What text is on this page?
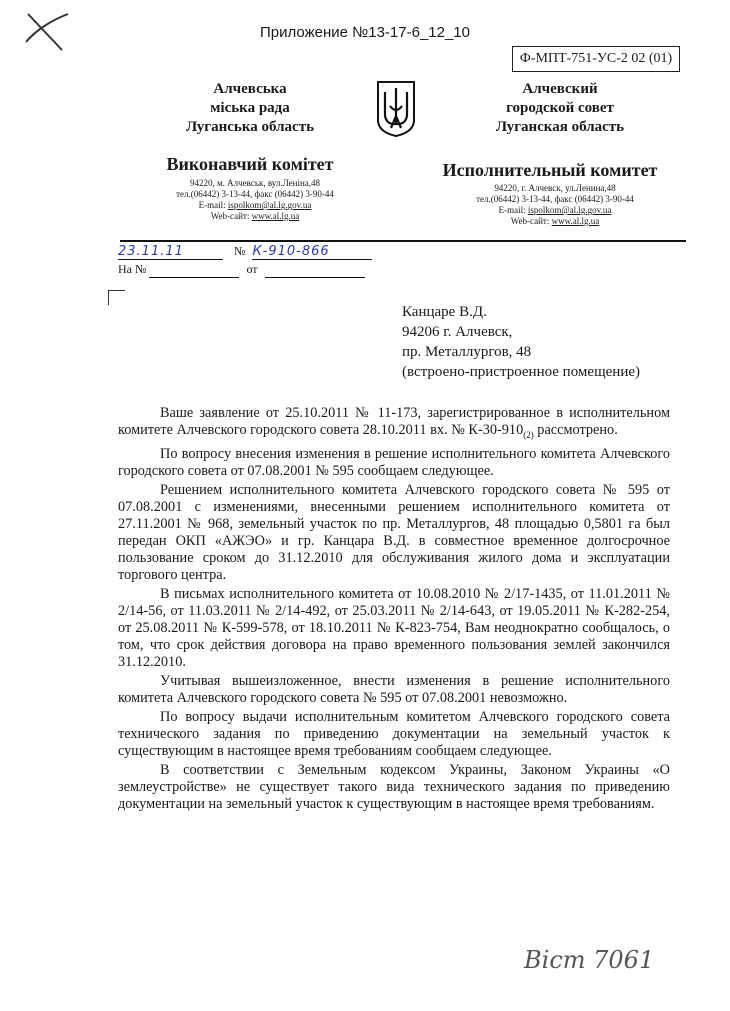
Приложение №13-17-6_12_10
Ф-МПТ-751-УС-2 02 (01)
Алчевська
міська рада
Луганська область
Алчевский
городской совет
Луганская область
Виконавчий комітет	Исполнительный комитет
94220, м. Алчевськ, вул.Леніна,48
тел.(06442) 3-13-44, факс (06442) 3-90-44
E-mail: ispolkom@al.lg.gov.ua
Web-сайт: www.al.lg.ua
94220, г. Алчевск, ул.Ленина,48
тел.(06442) 3-13-44, факс (06442) 3-90-44
E-mail: ispolkom@al.lg.gov.ua
Web-сайт: www.al.lg.ua
23.11.11	№ К-910-866
На №	от
Канцаре В.Д.
94206 г. Алчевск,
пр. Металлургов, 48
(встроено-пристроенное помещение)

Ваше заявление от 25.10.2011 № 11-173, зарегистрированное в исполнительном комитете Алчевского городского совета 28.10.2011 вх. № $К-30-910_{(2)}$ рассмотрено.

По вопросу внесения изменения в решение исполнительного комитета Алчевского городского совета от 07.08.2001 № 595 сообщаем следующее.

Решением исполнительного комитета Алчевского городского совета № 595 от 07.08.2001 с изменениями, внесенными решением исполнительного комитета от 27.11.2001 № 968, земельный участок по пр. Металлургов, 48 площадью 0,5801 га был передан ОКП «АЖЭО» и гр. Канцара В.Д. в совместное временное долгосрочное пользование сроком до 31.12.2010 для обслуживания жилого дома и эксплуатации торгового центра.

В письмах исполнительного комитета от 10.08.2010 № 2/17-1435, от 11.01.2011 № 2/14-56, от 11.03.2011 № 2/14-492, от 25.03.2011 № 2/14-643, от 19.05.2011 № К-282-254, от 25.08.2011 № К-599-578, от 18.10.2011 № К-823-754, Вам неоднократно сообщалось, о том, что срок действия договора на право временного пользования землей закончился 31.12.2010.

Учитывая вышеизложенное, внести изменения в решение исполнительного комитета Алчевского городского совета № 595 от 07.08.2001 невозможно.

По вопросу выдачи исполнительным комитетом Алчевского городского совета технического задания по приведению документации на земельный участок к существующим в настоящее время требованиям сообщаем следующее.

В соответствии с Земельным кодексом Украины, Законом Украины «О землеустройстве» не существует такого вида технического задания по приведению документации на земельный участок к существующим в настоящее время требованиям.

Віст 7061
